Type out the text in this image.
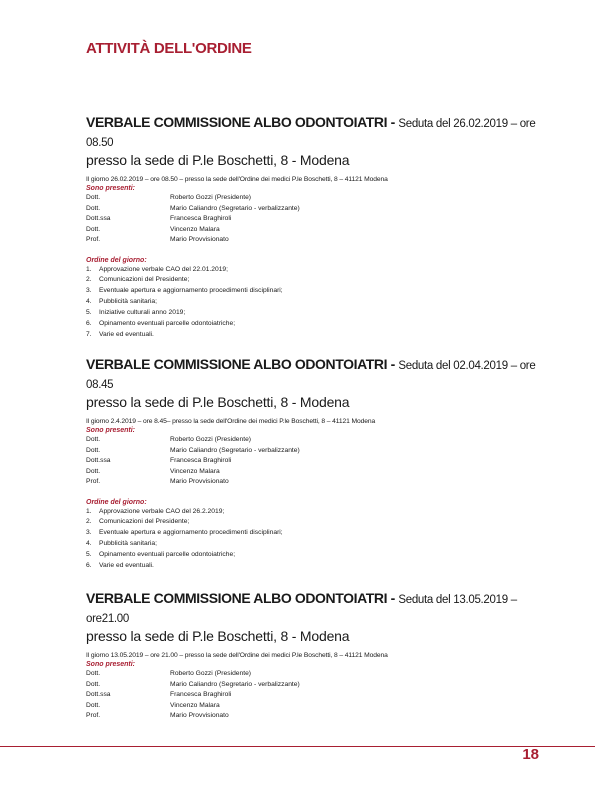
ATTIVITÀ DELL'ORDINE

VERBALE COMMISSIONE ALBO ODONTOIATRI - Seduta del 26.02.2019 – ore 08.50

presso la sede di P.le Boschetti, 8 - Modena

Il giorno 26.02.2019 – ore 08.50 – presso la sede dell'Ordine dei medici P.le Boschetti, 8 – 41121 Modena

Sono presenti:

Dott.	Roberto Gozzi (Presidente)
Dott.	Mario Caliandro (Segretario - verbalizzante)
Dott.ssa	Francesca Braghiroli
Dott.	Vincenzo Malara
Prof.	Mario Provvisionato

Ordine del giorno:

1.	Approvazione verbale CAO del 22.01.2019;
2.	Comunicazioni del Presidente;
3.	Eventuale apertura e aggiornamento procedimenti disciplinari;
4.	Pubblicità sanitaria;
5.	Iniziative culturali anno 2019;
6.	Opinamento eventuali parcelle odontoiatriche;
7.	Varie ed eventuali.

VERBALE COMMISSIONE ALBO ODONTOIATRI - Seduta del 02.04.2019 – ore 08.45

presso la sede di P.le Boschetti, 8 - Modena

Il giorno 2.4.2019 – ore 8.45– presso la sede dell'Ordine dei medici P.le Boschetti, 8 – 41121 Modena

Sono presenti:

Dott.	Roberto Gozzi (Presidente)
Dott.	Mario Caliandro (Segretario - verbalizzante)
Dott.ssa	Francesca Braghiroli
Dott.	Vincenzo Malara
Prof.	Mario Provvisionato

Ordine del giorno:

1.	Approvazione verbale CAO del 26.2.2019;
2.	Comunicazioni del Presidente;
3.	Eventuale apertura e aggiornamento procedimenti disciplinari;
4.	Pubblicità sanitaria;
5.	Opinamento eventuali parcelle odontoiatriche;
6.	Varie ed eventuali.

VERBALE COMMISSIONE ALBO ODONTOIATRI - Seduta del 13.05.2019 – ore21.00

presso la sede di P.le Boschetti, 8 - Modena

Il giorno 13.05.2019 – ore 21.00 – presso la sede dell'Ordine dei medici P.le Boschetti, 8 – 41121 Modena

Sono presenti:

Dott.	Roberto Gozzi (Presidente)
Dott.	Mario Caliandro (Segretario - verbalizzante)
Dott.ssa	Francesca Braghiroli
Dott.	Vincenzo Malara
Prof.	Mario Provvisionato

18
